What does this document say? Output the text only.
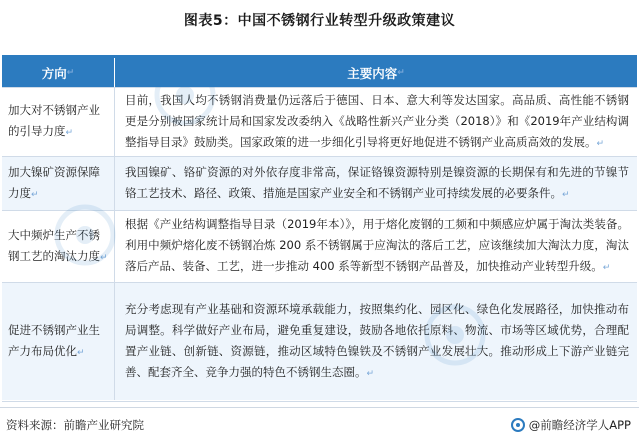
图表5：中国不锈钢行业转型升级政策建议
方向 ↵	主要内容 ↵
加大对不锈钢产业的引导力度↵
目前，我国人均不锈钢消费量仍远落后于德国、日本、意大利等发达国家。高品质、高性能不锈钢更是分别被国家统计局和国家发改委纳入《战略性新兴产业分类（2018）》和《2019年产业结构调整指导目录》鼓励类。国家政策的进一步细化引导将更好地促进不锈钢产业高质高效的发展。↵
加大镍矿资源保障力度↵
我国镍矿、铬矿资源的对外依存度非常高，保证铬镍资源特别是镍资源的长期保有和先进的节镍节铬工艺技术、路径、政策、措施是国家产业安全和不锈钢产业可持续发展的必要条件。↵
大中频炉生产不锈钢工艺的淘汰力度↵
根据《产业结构调整指导目录（2019年本）》，用于熔化废钢的工频和中频感应炉属于淘汰类装备。利用中频炉熔化废不锈钢冶炼 200 系不锈钢属于应淘汰的落后工艺，应该继续加大淘汰力度，淘汰落后产品、装备、工艺，进一步推动 400 系等新型不锈钢产品普及，加快推动产业转型升级。↵
促进不锈钢产业生产力布局优化↵
充分考虑现有产业基础和资源环境承载能力，按照集约化、园区化、绿色化发展路径，加快推动布局调整。科学做好产业布局，避免重复建设，鼓励各地依托原料、物流、市场等区域优势，合理配置产业链、创新链、资源链，推动区域特色镍铁及不锈钢产业发展壮大。推动形成上下游产业链完善、配套齐全、竞争力强的特色不锈钢生态圈。↵
资料来源：前瞻产业研究院	@前瞻经济学人APP
